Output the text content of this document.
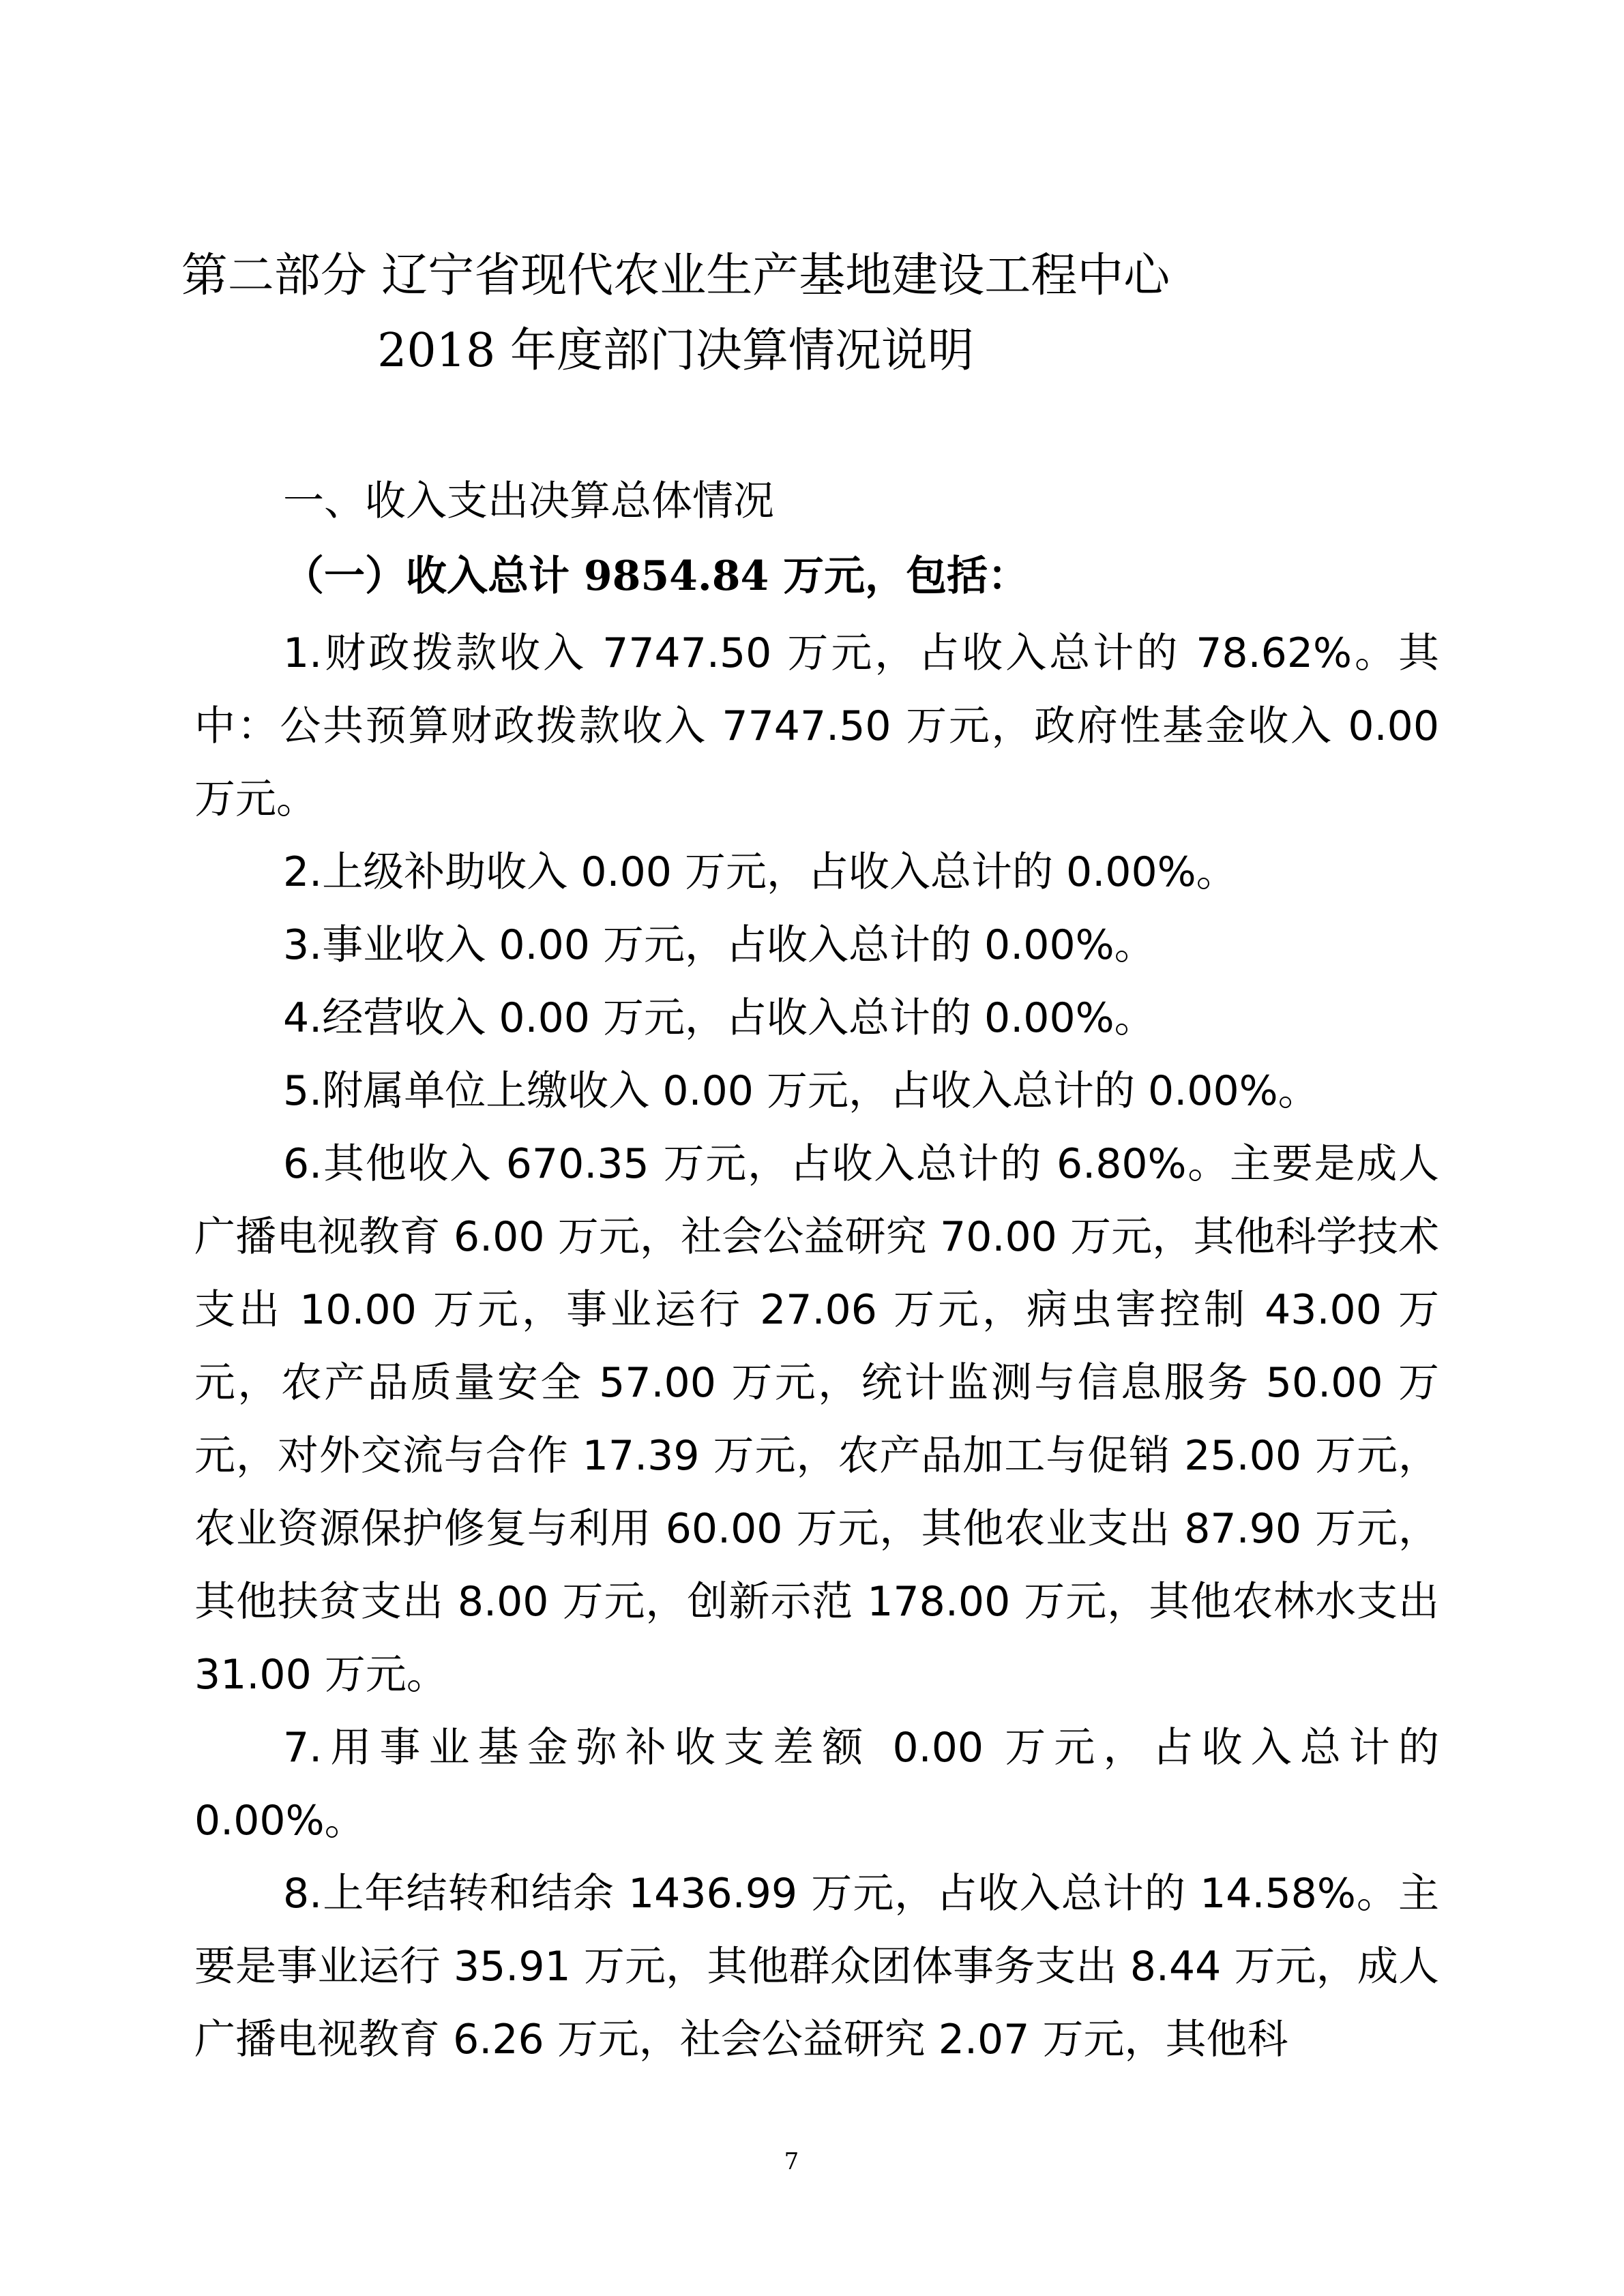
第二部分 辽宁省现代农业生产基地建设工程中心
2018 年度部门决算情况说明
一、收入支出决算总体情况
（一）收入总计 9854.84 万元，包括：

1.财政拨款收入 7747.50 万元，占收入总计的 78.62%。其中：公共预算财政拨款收入 7747.50 万元，政府性基金收入 0.00 万元。

2.上级补助收入 0.00 万元，占收入总计的 0.00%。

3.事业收入 0.00 万元，占收入总计的 0.00%。

4.经营收入 0.00 万元，占收入总计的 0.00%。

5.附属单位上缴收入 0.00 万元，占收入总计的 0.00%。

6.其他收入 670.35 万元，占收入总计的 6.80%。主要是成人广播电视教育 6.00 万元，社会公益研究 70.00 万元，其他科学技术支出 10.00 万元，事业运行 27.06 万元，病虫害控制 43.00 万元，农产品质量安全 57.00 万元，统计监测与信息服务 50.00 万元，对外交流与合作 17.39 万元，农产品加工与促销 25.00 万元，农业资源保护修复与利用 60.00 万元，其他农业支出 87.90 万元，其他扶贫支出 8.00 万元，创新示范 178.00 万元，其他农林水支出 31.00 万元。

7.用事业基金弥补收支差额 0.00 万元，占收入总计的 0.00%。

8.上年结转和结余 1436.99 万元，占收入总计的 14.58%。主要是事业运行 35.91 万元，其他群众团体事务支出 8.44 万元，成人广播电视教育 6.26 万元，社会公益研究 2.07 万元，其他科

7
